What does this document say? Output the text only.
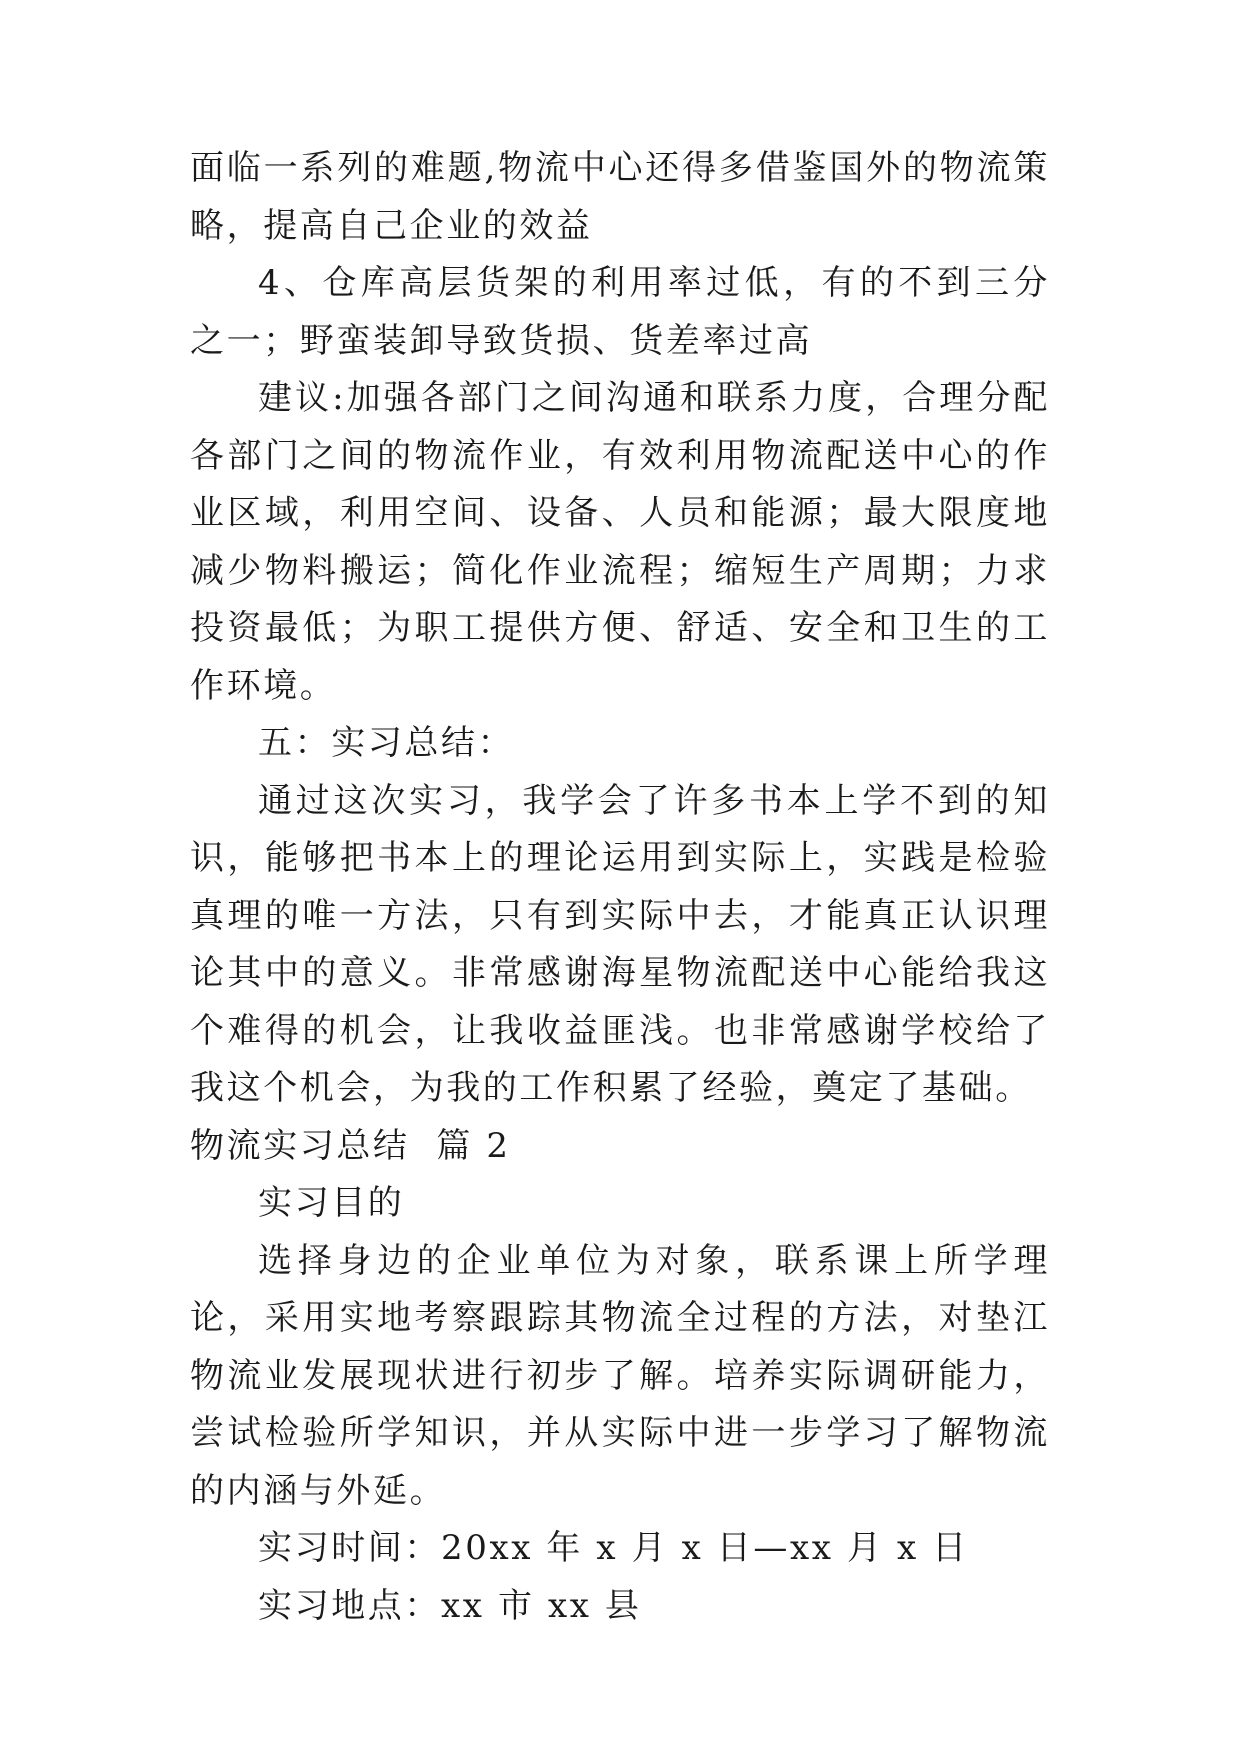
面临一系列的难题,物流中心还得多借鉴国外的物流策略，提高自己企业的效益

4、仓库高层货架的利用率过低，有的不到三分之一；野蛮装卸导致货损、货差率过高

建议:加强各部门之间沟通和联系力度，合理分配各部门之间的物流作业，有效利用物流配送中心的作业区域，利用空间、设备、人员和能源；最大限度地减少物料搬运；简化作业流程；缩短生产周期；力求投资最低；为职工提供方便、舒适、安全和卫生的工作环境。

五：实习总结：

通过这次实习，我学会了许多书本上学不到的知识，能够把书本上的理论运用到实际上，实践是检验真理的唯一方法，只有到实际中去，才能真正认识理论其中的意义。非常感谢海星物流配送中心能给我这个难得的机会，让我收益匪浅。也非常感谢学校给了我这个机会，为我的工作积累了经验，奠定了基础。

物流实习总结  篇 2

实习目的

选择身边的企业单位为对象，联系课上所学理论，采用实地考察跟踪其物流全过程的方法，对垫江物流业发展现状进行初步了解。培养实际调研能力，尝试检验所学知识，并从实际中进一步学习了解物流的内涵与外延。

实习时间：20xx 年 x 月 x 日—xx 月 x 日

实习地点：xx 市 xx 县
